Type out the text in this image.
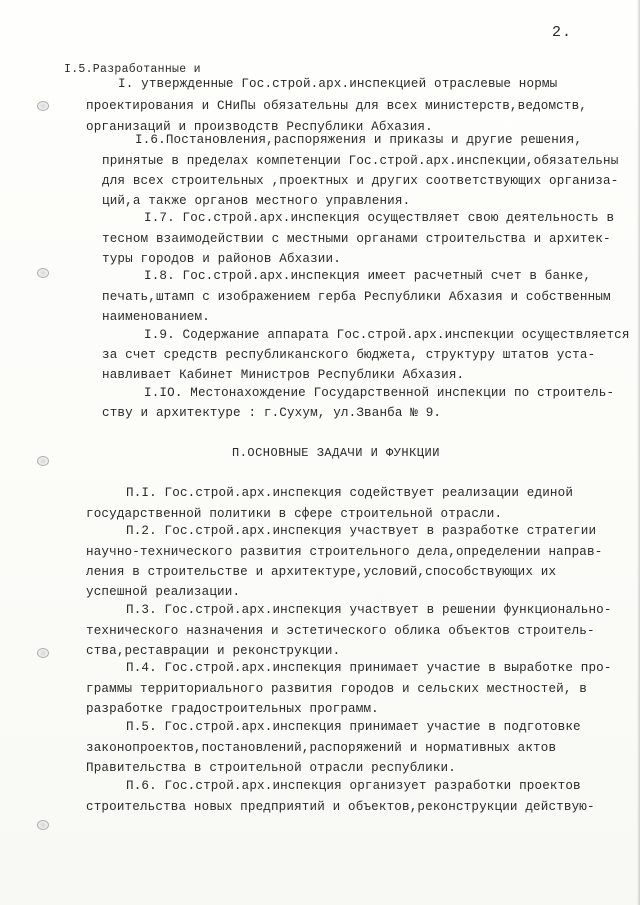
2.
I.5.Разработанные и
I. утвержденные Гос.строй.арх.инспекцией отраслевые нормы
проектирования и СНиПы обязательны для всех министерств,ведомств,
организаций и производств Республики Абхазия.
I.6.Постановления,распоряжения и приказы и другие решения,
принятые в пределах компетенции Гос.строй.арх.инспекции,обязательны
для всех строительных ,проектных и других соответствующих организа-
ций,а также органов местного управления.
I.7. Гос.строй.арх.инспекция осуществляет свою деятельность в
тесном взаимодействии с местными органами строительства и архитек-
туры городов и районов Абхазии.
I.8. Гос.строй.арх.инспекция имеет расчетный счет в банке,
печать,штамп с изображением герба Республики Абхазия и собственным
наименованием.
I.9. Содержание аппарата Гос.строй.арх.инспекции осуществляется
за счет средств республиканского бюджета, структуру штатов уста-
навливает Кабинет Министров Республики Абхазия.
I.IO. Местонахождение Государственной инспекции по строитель-
ству и архитектуре : г.Сухум, ул.Званба № 9.
П.ОСНОВНЫЕ ЗАДАЧИ И ФУНКЦИИ
П.I. Гос.строй.арх.инспекция содействует реализации единой
государственной политики в сфере строительной отрасли.
П.2. Гос.строй.арх.инспекция участвует в разработке стратегии
научно-технического развития строительного дела,определении направ-
ления в строительстве и архитектуре,условий,способствующих их
успешной реализации.
П.3. Гос.строй.арх.инспекция участвует в решении функционально-
технического назначения и эстетического облика объектов строитель-
ства,реставрации и реконструкции.
П.4. Гос.строй.арх.инспекция принимает участие в выработке про-
граммы территориального развития городов и сельских местностей, в
разработке градостроительных программ.
П.5. Гос.строй.арх.инспекция принимает участие в подготовке
законопроектов,постановлений,распоряжений и нормативных актов
Правительства в строительной отрасли республики.
П.6. Гос.строй.арх.инспекция организует разработки проектов
строительства новых предприятий и объектов,реконструкции действую-
